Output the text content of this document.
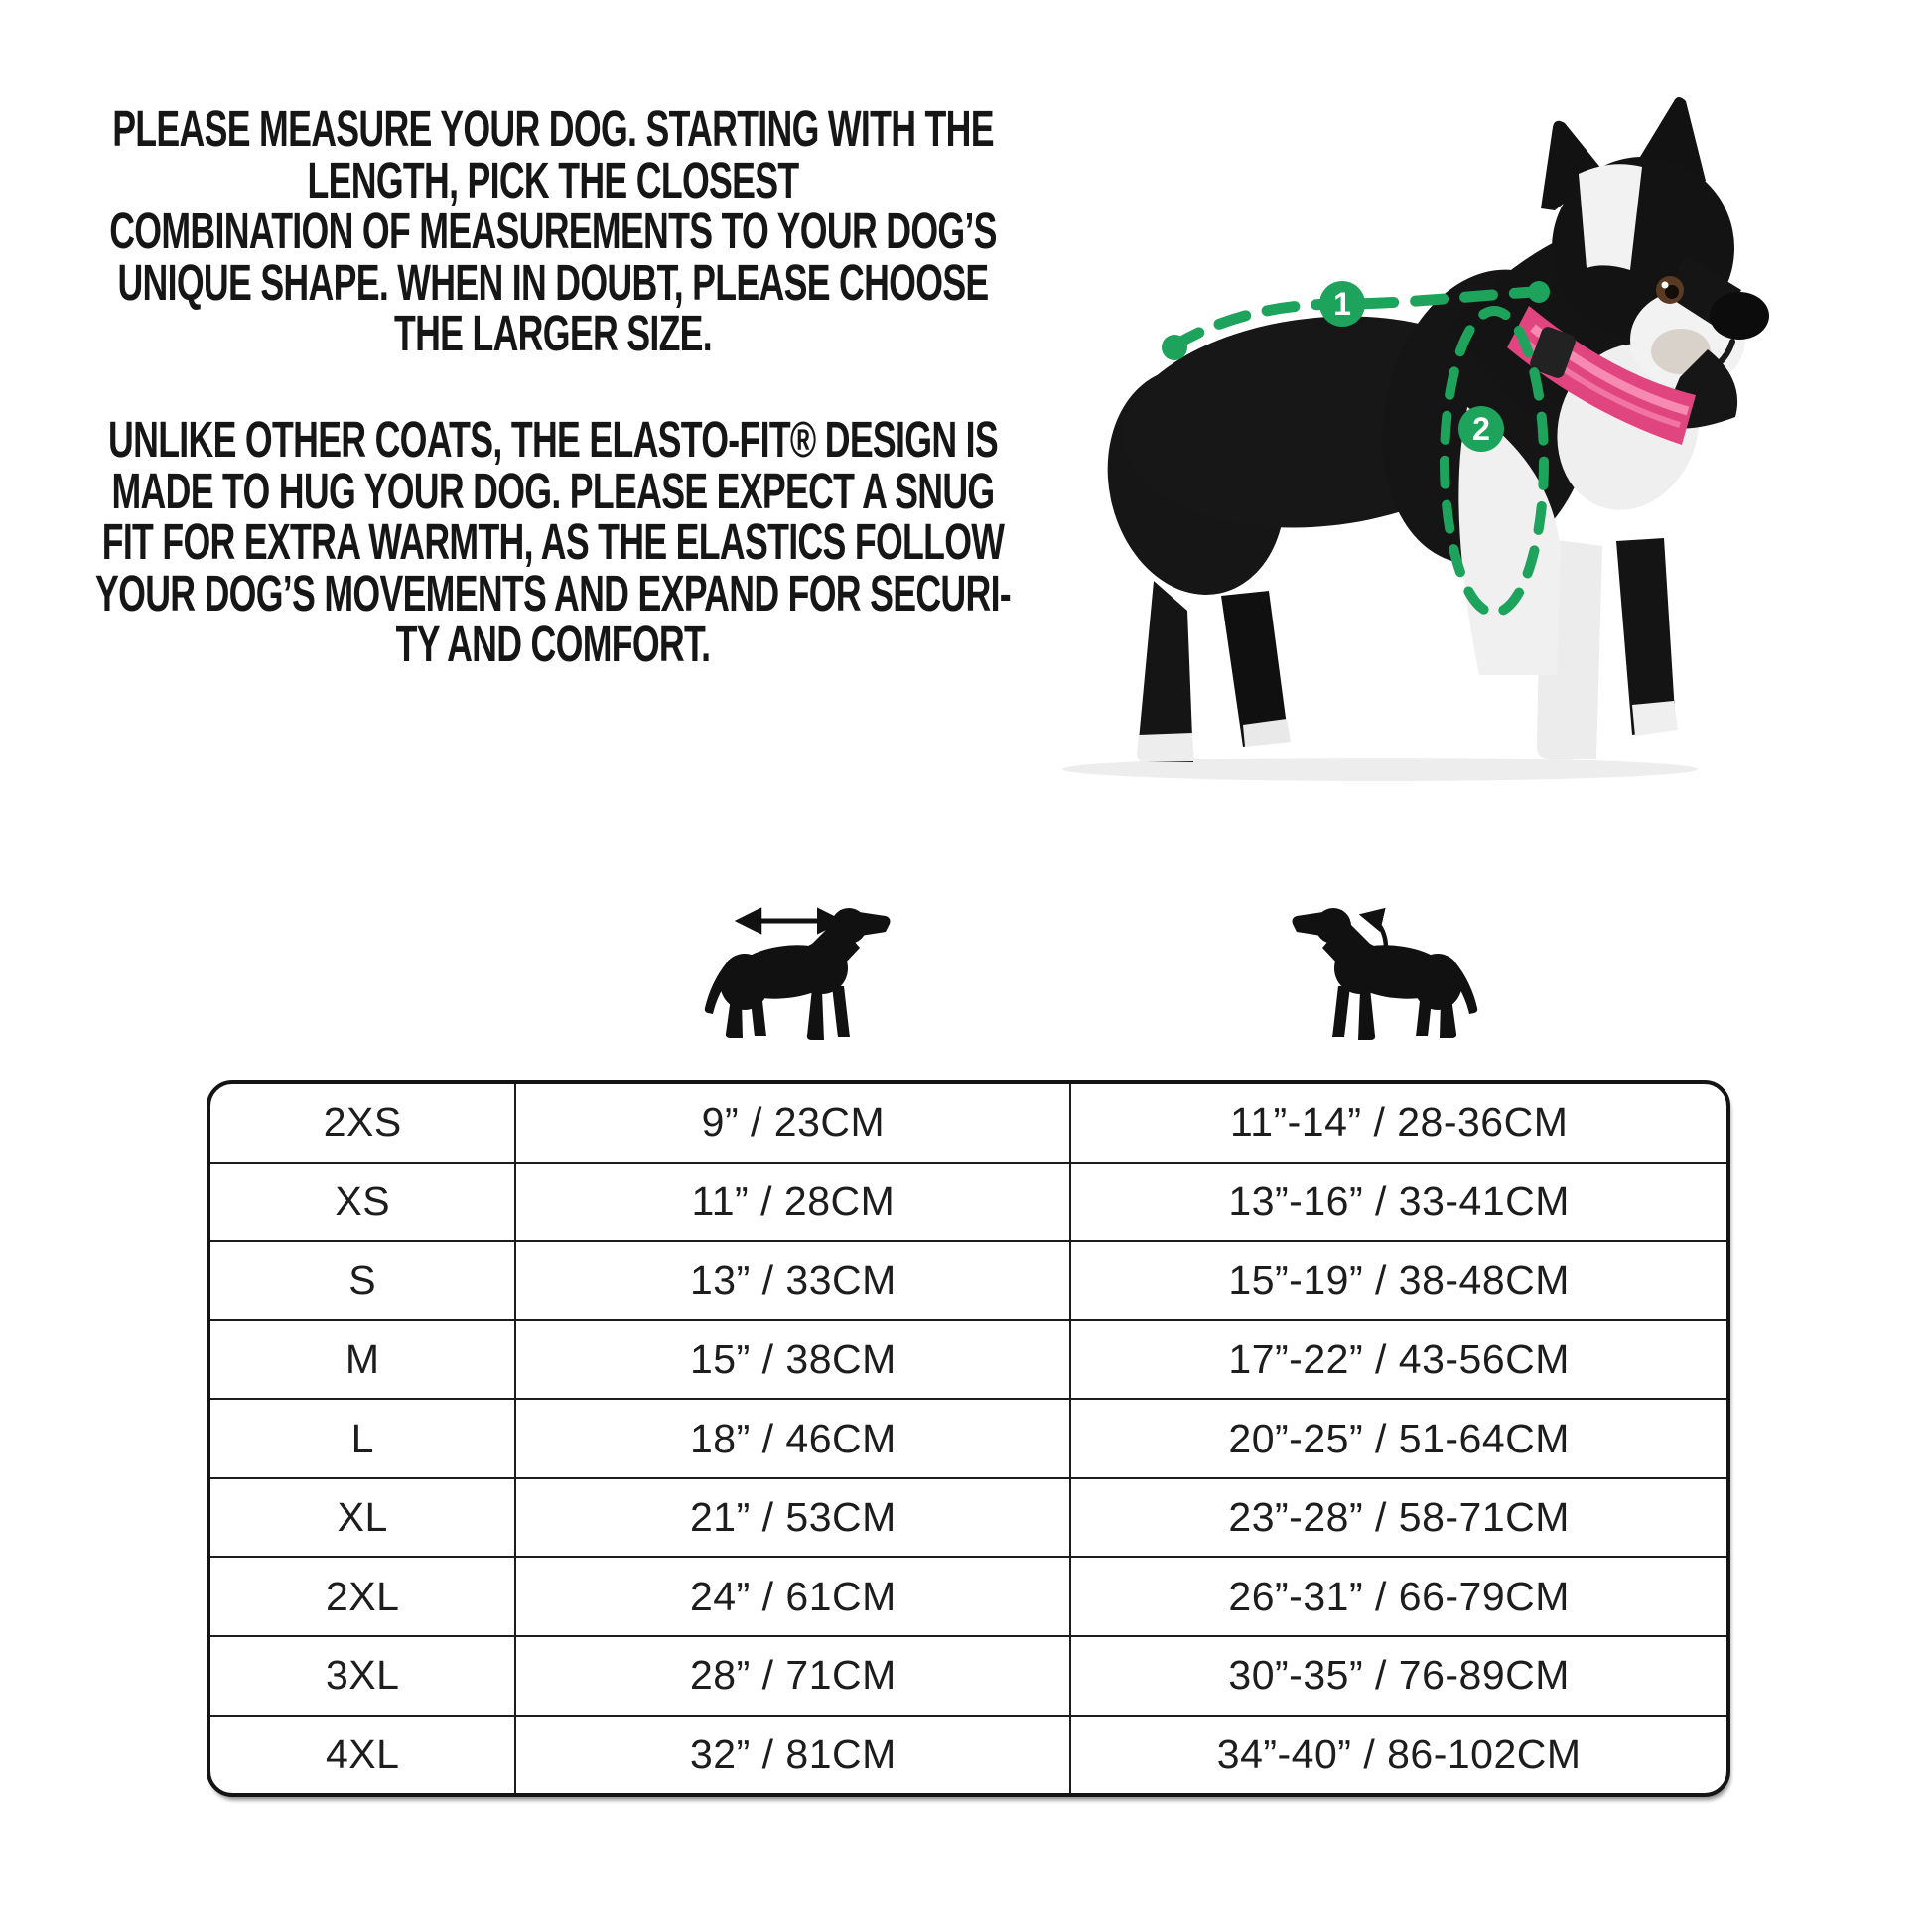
PLEASE MEASURE YOUR DOG. STARTING WITH THE
LENGTH, PICK THE CLOSEST
COMBINATION OF MEASUREMENTS TO YOUR DOG’S
UNIQUE SHAPE. WHEN IN DOUBT, PLEASE CHOOSE
THE LARGER SIZE.
UNLIKE OTHER COATS, THE ELASTO-FIT® DESIGN IS
MADE TO HUG YOUR DOG. PLEASE EXPECT A SNUG
FIT FOR EXTRA WARMTH, AS THE ELASTICS FOLLOW
YOUR DOG’S MOVEMENTS AND EXPAND FOR SECURI-
TY AND COMFORT.
1
2
2XS	9” / 23CM	11”-14” / 28-36CM
XS	11” / 28CM	13”-16” / 33-41CM
S	13” / 33CM	15”-19” / 38-48CM
M	15” / 38CM	17”-22” / 43-56CM
L	18” / 46CM	20”-25” / 51-64CM
XL	21” / 53CM	23”-28” / 58-71CM
2XL	24” / 61CM	26”-31” / 66-79CM
3XL	28” / 71CM	30”-35” / 76-89CM
4XL	32” / 81CM	34”-40” / 86-102CM
